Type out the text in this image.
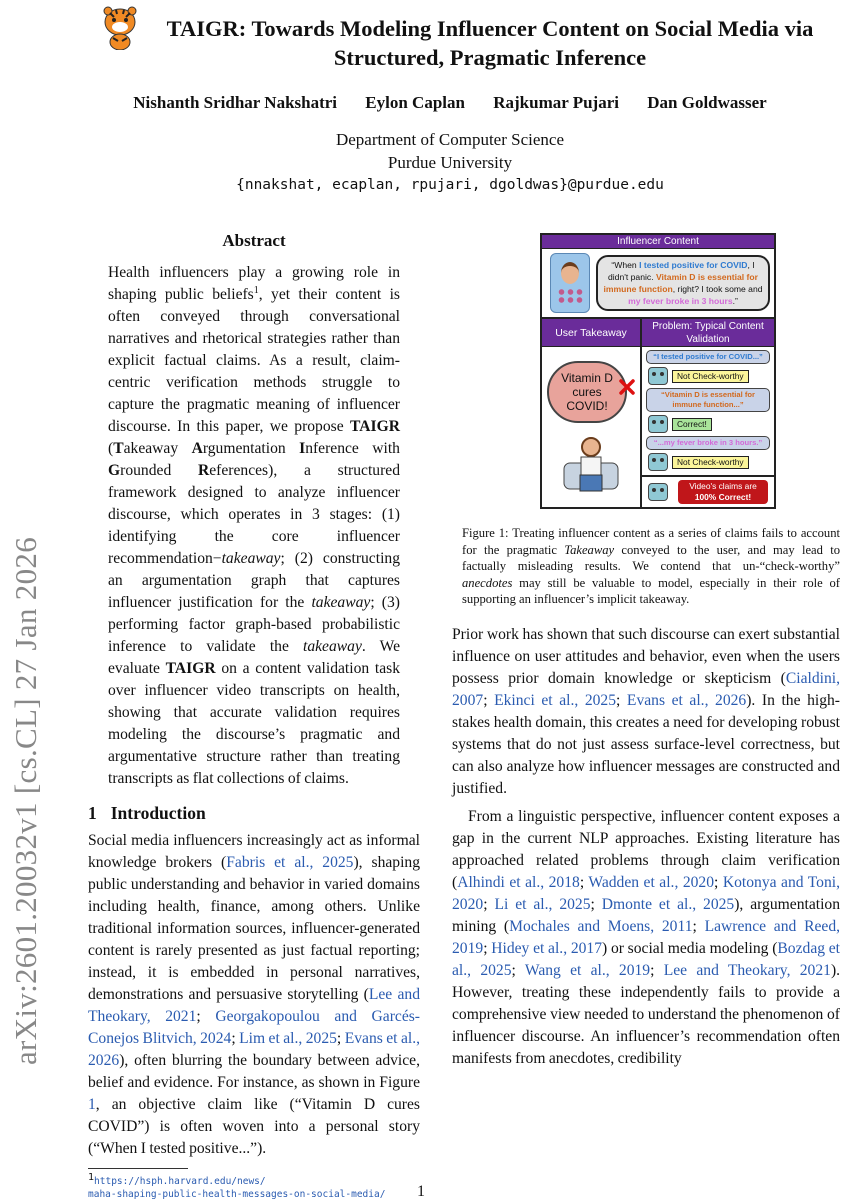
arXiv:2601.20032v1 [cs.CL] 27 Jan 2026
TAIGR: Towards Modeling Influencer Content on Social Media via
Structured, Pragmatic Inference
Nishanth Sridhar Nakshatri Eylon Caplan Rajkumar Pujari Dan Goldwasser
Department of Computer Science
Purdue University
{nnakshat, ecaplan, rpujari, dgoldwas}@purdue.edu
Abstract

Health influencers play a growing role in shaping public beliefs$^1$, yet their content is often conveyed through conversational narratives and rhetorical strategies rather than explicit factual claims. As a result, claim-centric verification methods struggle to capture the pragmatic meaning of influencer discourse. In this paper, we propose TAIGR (Takeaway Argumentation Inference with Grounded References), a structured framework designed to analyze influencer discourse, which operates in 3 stages: (1) identifying the core influencer recommendation−takeaway; (2) constructing an argumentation graph that captures influencer justification for the takeaway; (3) performing factor graph-based probabilistic inference to validate the takeaway. We evaluate TAIGR on a content validation task over influencer video transcripts on health, showing that accurate validation requires modeling the discourse’s pragmatic and argumentative structure rather than treating transcripts as flat collections of claims.

1 Introduction

Social media influencers increasingly act as informal knowledge brokers (Fabris et al., 2025), shaping public understanding and behavior in varied domains including health, finance, among others. Unlike traditional information sources, influencer-generated content is rarely presented as just factual reporting; instead, it is embedded in personal narratives, demonstrations and persuasive storytelling (Lee and Theokary, 2021; Georgakopoulou and Garcés-Conejos Blitvich, 2024; Lim et al., 2025; Evans et al., 2026), often blurring the boundary between advice, belief and evidence. For instance, as shown in Figure 1, an objective claim like (“Vitamin D cures COVID”) is often woven into a personal story (“When I tested positive...”).

$^1$https://hsph.harvard.edu/news/
maha-shaping-public-health-messages-on-social-media/
Influencer Content
“When I tested positive for COVID, I didn't panic. Vitamin D is essential for immune function, right? I took some and my fever broke in 3 hours.”
User Takeaway
Vitamin D cures COVID!
Problem: Typical Content Validation
“I tested positive for COVID...”
Not Check-worthy
“Vitamin D is essential for immune function...”
Correct!
“...my fever broke in 3 hours.”
Not Check-worthy
Video's claims are
100% Correct!

Figure 1: Treating influencer content as a series of claims fails to account for the pragmatic Takeaway conveyed to the user, and may lead to factually misleading results. We contend that un-“check-worthy” anecdotes may still be valuable to model, especially in their role of supporting an influencer’s implicit takeaway.

Prior work has shown that such discourse can exert substantial influence on user attitudes and behavior, even when the users possess prior domain knowledge or skepticism (Cialdini, 2007; Ekinci et al., 2025; Evans et al., 2026). In the high-stakes health domain, this creates a need for developing robust systems that do not just assess surface-level correctness, but can also analyze how influencer messages are constructed and justified.

From a linguistic perspective, influencer content exposes a gap in the current NLP approaches. Existing literature has approached related problems through claim verification (Alhindi et al., 2018; Wadden et al., 2020; Kotonya and Toni, 2020; Li et al., 2025; Dmonte et al., 2025), argumentation mining (Mochales and Moens, 2011; Lawrence and Reed, 2019; Hidey et al., 2017) or social media modeling (Bozdag et al., 2025; Wang et al., 2019; Lee and Theokary, 2021). However, treating these independently fails to provide a comprehensive view needed to understand the phenomenon of influencer discourse. An influencer’s recommendation often manifests from anecdotes, credibility

1
